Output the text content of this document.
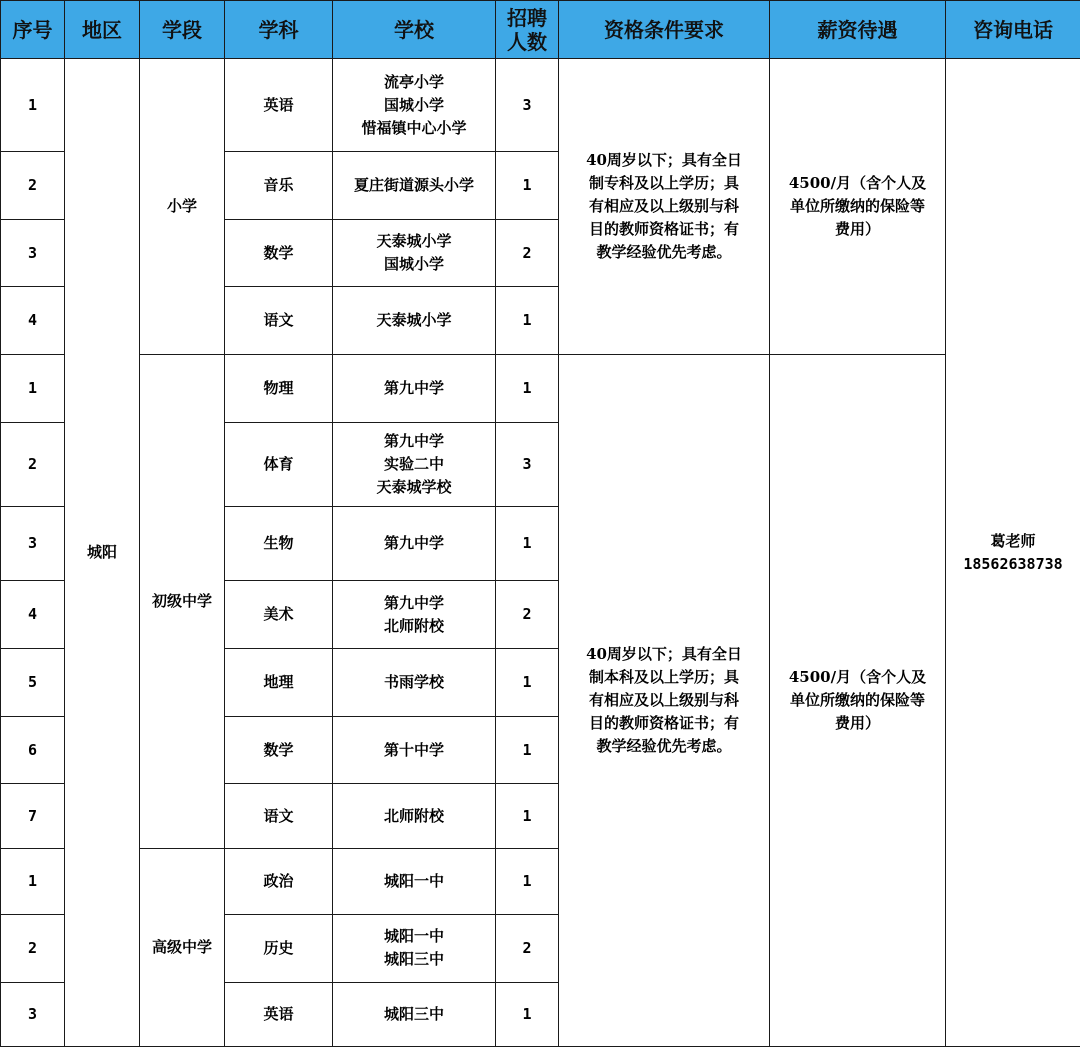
序号	地区	学段	学科	学校	招聘 人数	资格条件要求	薪资待遇	咨询电话
1	城阳	小学	英语	流亭小学
国城小学
惜福镇中心小学	3	40周岁以下；具有全日
制专科及以上学历；具
有相应及以上级别与科
目的教师资格证书；有
教学经验优先考虑。	4500/月（含个人及
单位所缴纳的保险等
费用）	葛老师
18562638738

2			音乐	夏庄街道源头小学	1			
3			数学	天泰城小学
国城小学	2			
4			语文	天泰城小学	1			
1		初级中学	物理	第九中学	1	40周岁以下；具有全日
制本科及以上学历；具
有相应及以上级别与科
目的教师资格证书；有
教学经验优先考虑。	4500/月（含个人及
单位所缴纳的保险等
费用）	

2			体育	第九中学
实验二中
天泰城学校	3			
3			生物	第九中学	1			
4			美术	第九中学
北师附校	2			
5			地理	书雨学校	1			
6			数学	第十中学	1			
7			语文	北师附校	1			
1		高级中学	政治	城阳一中	1			
2			历史	城阳一中
城阳三中	2			
3			英语	城阳三中	1			
